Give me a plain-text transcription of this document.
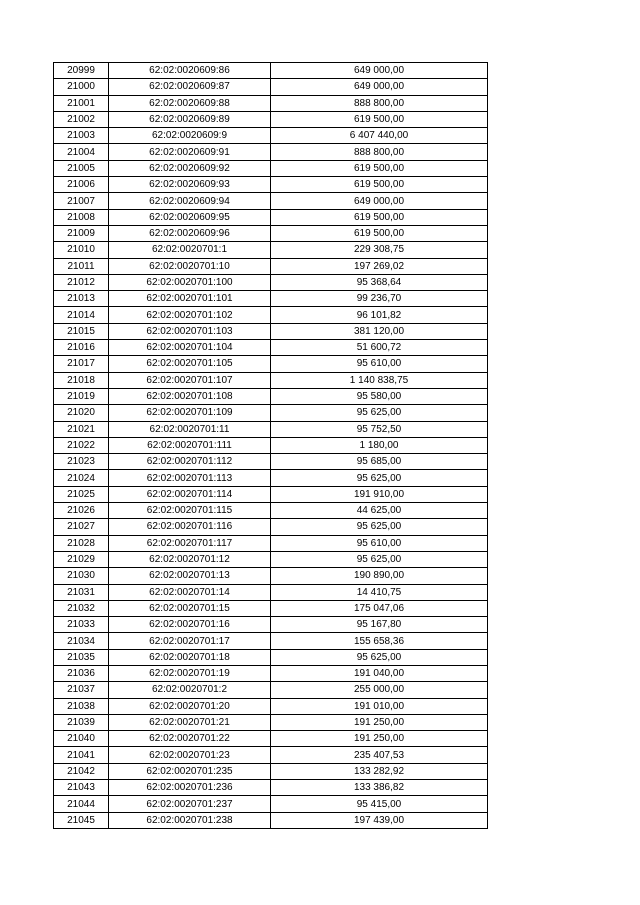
20999	62:02:0020609:86	649 000,00
21000	62:02:0020609:87	649 000,00
21001	62:02:0020609:88	888 800,00
21002	62:02:0020609:89	619 500,00
21003	62:02:0020609:9	6 407 440,00
21004	62:02:0020609:91	888 800,00
21005	62:02:0020609:92	619 500,00
21006	62:02:0020609:93	619 500,00
21007	62:02:0020609:94	649 000,00
21008	62:02:0020609:95	619 500,00
21009	62:02:0020609:96	619 500,00
21010	62:02:0020701:1	229 308,75
21011	62:02:0020701:10	197 269,02
21012	62:02:0020701:100	95 368,64
21013	62:02:0020701:101	99 236,70
21014	62:02:0020701:102	96 101,82
21015	62:02:0020701:103	381 120,00
21016	62:02:0020701:104	51 600,72
21017	62:02:0020701:105	95 610,00
21018	62:02:0020701:107	1 140 838,75
21019	62:02:0020701:108	95 580,00
21020	62:02:0020701:109	95 625,00
21021	62:02:0020701:11	95 752,50
21022	62:02:0020701:111	1 180,00
21023	62:02:0020701:112	95 685,00
21024	62:02:0020701:113	95 625,00
21025	62:02:0020701:114	191 910,00
21026	62:02:0020701:115	44 625,00
21027	62:02:0020701:116	95 625,00
21028	62:02:0020701:117	95 610,00
21029	62:02:0020701:12	95 625,00
21030	62:02:0020701:13	190 890,00
21031	62:02:0020701:14	14 410,75
21032	62:02:0020701:15	175 047,06
21033	62:02:0020701:16	95 167,80
21034	62:02:0020701:17	155 658,36
21035	62:02:0020701:18	95 625,00
21036	62:02:0020701:19	191 040,00
21037	62:02:0020701:2	255 000,00
21038	62:02:0020701:20	191 010,00
21039	62:02:0020701:21	191 250,00
21040	62:02:0020701:22	191 250,00
21041	62:02:0020701:23	235 407,53
21042	62:02:0020701:235	133 282,92
21043	62:02:0020701:236	133 386,82
21044	62:02:0020701:237	95 415,00
21045	62:02:0020701:238	197 439,00
